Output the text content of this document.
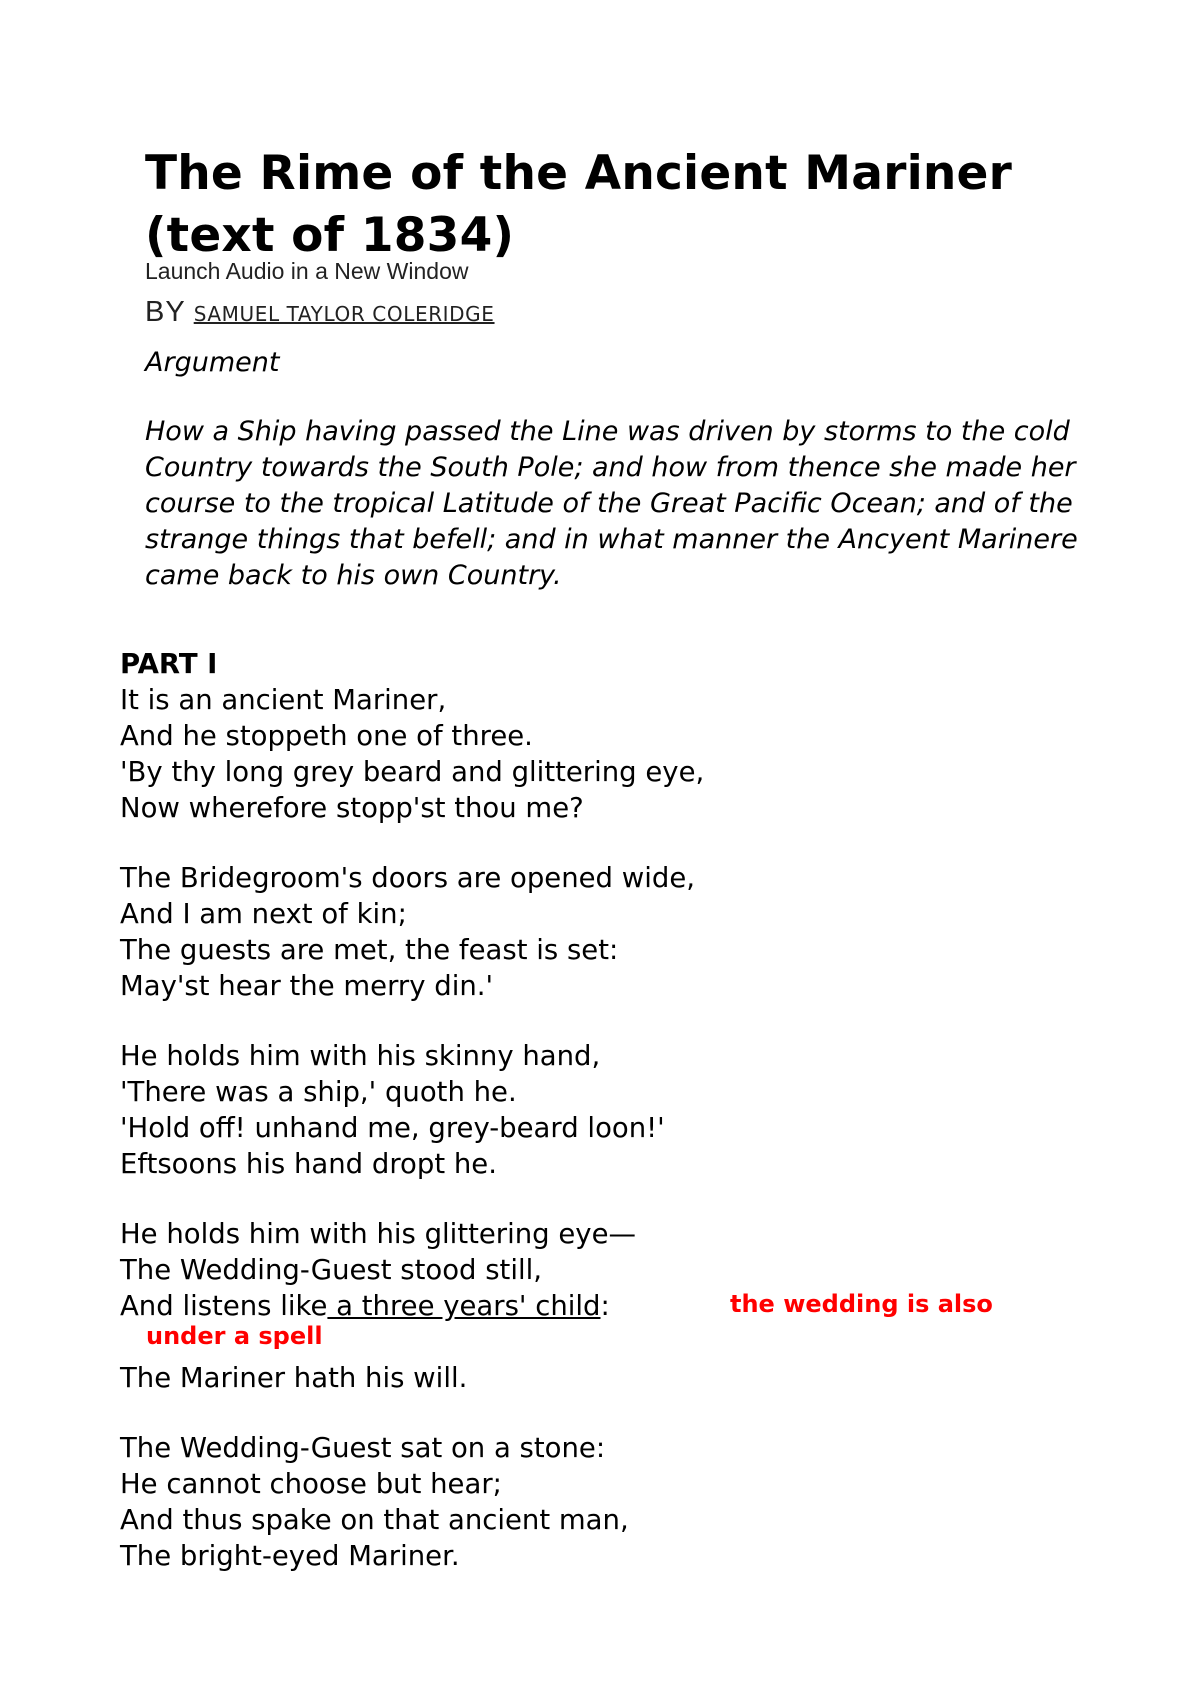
The Rime of the Ancient Mariner (text of 1834)
Launch Audio in a New Window
BY SAMUEL TAYLOR COLERIDGE
Argument
How a Ship having passed the Line was driven by storms to the cold Country towards the South Pole; and how from thence she made her course to the tropical Latitude of the Great Pacific Ocean; and of the strange things that befell; and in what manner the Ancyent Marinere came back to his own Country.
PART I
It is an ancient Mariner,
And he stoppeth one of three.
'By thy long grey beard and glittering eye,
Now wherefore stopp'st thou me?
The Bridegroom's doors are opened wide,
And I am next of kin;
The guests are met, the feast is set:
May'st hear the merry din.'
He holds him with his skinny hand,
'There was a ship,' quoth he.
'Hold off! unhand me, grey-beard loon!'
Eftsoons his hand dropt he.
He holds him with his glittering eye—
The Wedding-Guest stood still,
And listens like a three years' child:
The Mariner hath his will.
The Wedding-Guest sat on a stone:
He cannot choose but hear;
And thus spake on that ancient man,
The bright-eyed Mariner.
the wedding is also
under a spell
